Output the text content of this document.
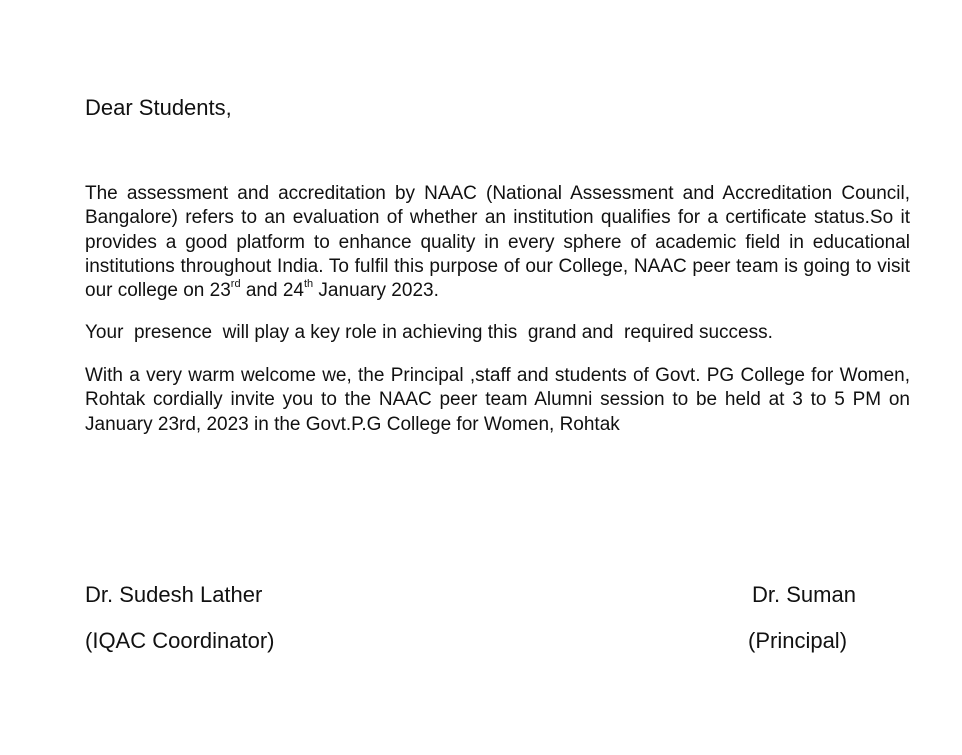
Dear Students,

The assessment and accreditation by NAAC (National Assessment and Accreditation Council, Bangalore) refers to an evaluation of whether an institution qualifies for a certificate status.So it provides a good platform to enhance quality in every sphere of academic field in educational institutions throughout India. To fulfil this purpose of our College, NAAC peer team is going to visit our college on 23rd and 24th January 2023.

Your  presence  will play a key role in achieving this  grand and  required success.

With a very warm welcome we, the Principal ,staff and students of Govt. PG College for Women, Rohtak cordially invite you to the NAAC peer team Alumni session to be held at 3 to 5 PM on January 23rd, 2023 in the Govt.P.G College for Women, Rohtak

Dr. Sudesh Lather

(IQAC Coordinator)

Dr. Suman

(Principal)
